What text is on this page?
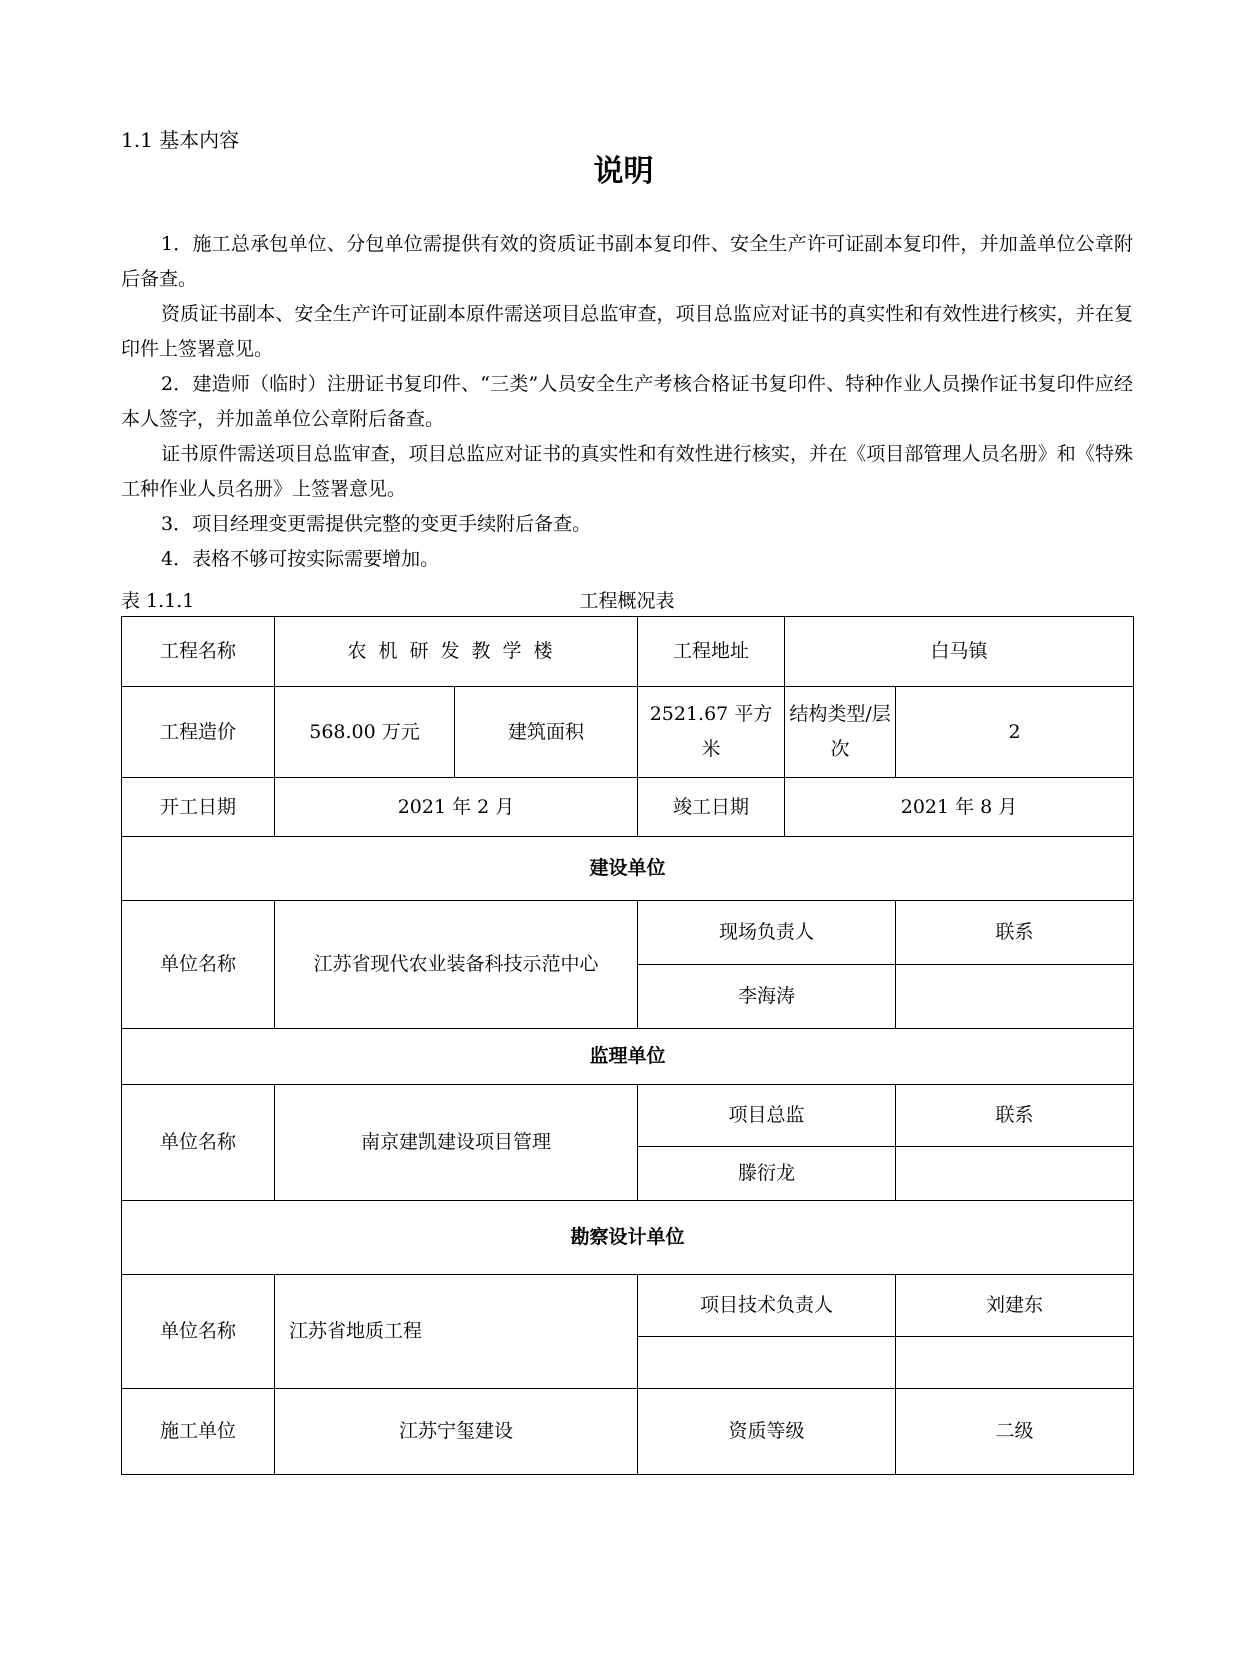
1.1 基本内容
说明

1．施工总承包单位、分包单位需提供有效的资质证书副本复印件、安全生产许可证副本复印件，并加盖单位公章附后备查。

资质证书副本、安全生产许可证副本原件需送项目总监审查，项目总监应对证书的真实性和有效性进行核实，并在复印件上签署意见。

2．建造师（临时）注册证书复印件、“三类”人员安全生产考核合格证书复印件、特种作业人员操作证书复印件应经本人签字，并加盖单位公章附后备查。

证书原件需送项目总监审查，项目总监应对证书的真实性和有效性进行核实，并在《项目部管理人员名册》和《特殊工种作业人员名册》上签署意见。

3．项目经理变更需提供完整的变更手续附后备查。

4．表格不够可按实际需要增加。

表 1.1.1	工程概况表
工程名称	农机研发教学楼		工程地址	白马镇	
工程造价	568.00 万元	建筑面积	2521.67 平方米	结构类型/层次	2
开工日期	2021 年 2 月		竣工日期	2021 年 8 月	
建设单位					
单位名称	江苏省现代农业装备科技示范中心		现场负责人		联系
			李海涛		
监理单位					
单位名称	南京建凯建设项目管理		项目总监		联系
			滕衍龙		
勘察设计单位					
单位名称	江苏省地质工程		项目技术负责人		刘建东

施工单位	江苏宁玺建设		资质等级		二级
